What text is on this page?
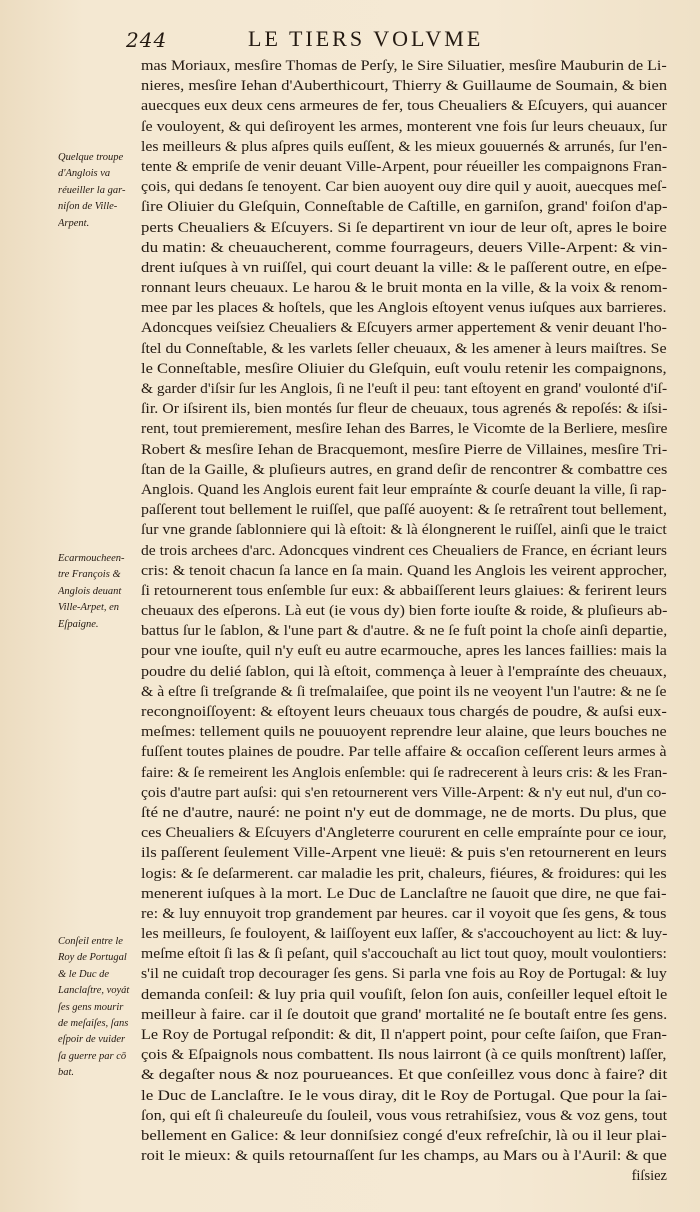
244	LE TIERS VOLVME
mas Moriaux, mesſire Thomas de Perſy, le Sire Siluatier, mesſire Mauburin de Li-
nieres, mesſire Iehan d'Auberthicourt, Thierry & Guillaume de Soumain, & bien
auecques eux deux cens armeures de fer, tous Cheualiers & Eſcuyers, qui auancer
ſe vouloyent, & qui deſiroyent les armes, monterent vne fois ſur leurs cheuaux, ſur
les meilleurs & plus aſpres quils euſſent, & les mieux gouuernés & arrunés, ſur l'en-
tente & empriſe de venir deuant Ville-Arpent, pour réueiller les compaignons Fran-
çois, qui dedans ſe tenoyent. Car bien auoyent ouy dire quil y auoit, auecques meſ-
ſire Oliuier du Gleſquin, Conneſtable de Caſtille, en garniſon, grand' foiſon d'ap-
perts Cheualiers & Eſcuyers. Si ſe departirent vn iour de leur oſt, apres le boire
du matin: & cheuaucherent, comme fourrageurs, deuers Ville-Arpent: & vin-
drent iuſques à vn ruiſſel, qui court deuant la ville: & le paſſerent outre, en eſpe-
ronnant leurs cheuaux. Le harou & le bruit monta en la ville, & la voix & renom-
mee par les places & hoſtels, que les Anglois eſtoyent venus iuſques aux barrieres.
Adoncques veiſsiez Cheualiers & Eſcuyers armer appertement & venir deuant l'ho-
ſtel du Conneſtable, & les varlets ſeller cheuaux, & les amener à leurs maiſtres. Se
le Conneſtable, mesſire Oliuier du Gleſquin, euſt voulu retenir les compaignons,
& garder d'iſsir ſur les Anglois, ſi ne l'euſt il peu: tant eſtoyent en grand' voulonté d'iſ-
ſir. Or iſsirent ils, bien montés ſur fleur de cheuaux, tous agrenés & repoſés: & iſsi-
rent, tout premierement, mesſire Iehan des Barres, le Vicomte de la Berliere, mesſire
Robert & mesſire Iehan de Bracquemont, mesſire Pierre de Villaines, mesſire Tri-
ſtan de la Gaille, & pluſieurs autres, en grand deſir de rencontrer & combattre ces
Anglois. Quand les Anglois eurent fait leur empraínte & courſe deuant la ville, ſi rap-
paſſerent tout bellement le ruiſſel, que paſſé auoyent: & ſe retraîrent tout bellement,
ſur vne grande ſablonniere qui là eſtoit: & là élongnerent le ruiſſel, ainſi que le traict
de trois archees d'arc. Adoncques vindrent ces Cheualiers de France, en écriant leurs
cris: & tenoit chacun ſa lance en ſa main. Quand les Anglois les veirent approcher,
ſi retournerent tous enſemble ſur eux: & abbaiſſerent leurs glaiues: & ferirent leurs
cheuaux des eſperons. Là eut (ie vous dy) bien forte iouſte & roide, & pluſieurs ab-
battus ſur le ſablon, & l'une part & d'autre. & ne ſe fuſt point la choſe ainſi departie,
pour vne iouſte, quil n'y euſt eu autre ecarmouche, apres les lances faillies: mais la
poudre du delié ſablon, qui là eſtoit, commença à leuer à l'empraínte des cheuaux,
& à eſtre ſi treſgrande & ſi treſmalaiſee, que point ils ne veoyent l'un l'autre: & ne ſe
recongnoiſſoyent: & eſtoyent leurs cheuaux tous chargés de poudre, & auſsi eux-
meſmes: tellement quils ne pouuoyent reprendre leur alaine, que leurs bouches ne
fuſſent toutes plaines de poudre. Par telle affaire & occaſion ceſſerent leurs armes à
faire: & ſe remeirent les Anglois enſemble: qui ſe radrecerent à leurs cris: & les Fran-
çois d'autre part auſsi: qui s'en retournerent vers Ville-Arpent: & n'y eut nul, d'un co-
ſté ne d'autre, nauré: ne point n'y eut de dommage, ne de morts. Du plus, que
ces Cheualiers & Eſcuyers d'Angleterre coururent en celle empraínte pour ce iour,
ils paſſerent ſeulement Ville-Arpent vne lieuë: & puis s'en retournerent en leurs
logis: & ſe deſarmerent. car maladie les prit, chaleurs, fiéures, & froidures: qui les
menerent iuſques à la mort. Le Duc de Lanclaſtre ne ſauoit que dire, ne que fai-
re: & luy ennuyoit trop grandement par heures. car il voyoit que ſes gens, & tous
les meilleurs, ſe fouloyent, & laiſſoyent eux laſſer, & s'accouchoyent au lict: & luy-
meſme eſtoit ſi las & ſi peſant, quil s'accouchaſt au lict tout quoy, moult voulontiers:
s'il ne cuidaſt trop decourager ſes gens. Si parla vne fois au Roy de Portugal: & luy
demanda conſeil: & luy pria quil vouſiſt, ſelon ſon auis, conſeiller lequel eſtoit le
meilleur à faire. car il ſe doutoit que grand' mortalité ne ſe boutaſt entre ſes gens.
Le Roy de Portugal reſpondit: & dit, Il n'appert point, pour ceſte ſaiſon, que Fran-
çois & Eſpaignols nous combattent. Ils nous lairront (à ce quils monſtrent) laſſer,
& degaſter nous & noz pourueances. Et que conſeillez vous donc à faire? dit
le Duc de Lanclaſtre. Ie le vous diray, dit le Roy de Portugal. Que pour la ſai-
ſon, qui eſt ſi chaleureuſe du ſouleil, vous vous retrahiſsiez, vous & voz gens, tout
bellement en Galice: & leur donniſsiez congé d'eux refreſchir, là ou il leur plai-
roit le mieux: & quils retournaſſent ſur les champs, au Mars ou à l'Auril: & que
fiſsiez
Quelque troupe
d'Anglois va
réueiller la gar-
niſon de Ville-
Arpent.
Ecarmoucheen-
tre François &
Anglois deuant
Ville-Arpet, en
Eſpaigne.
Conſeil entre le
Roy de Portugal
& le Duc de
Lanclaſtre, voyát
ſes gens mourir
de meſaiſes, ſans
eſpoir de vuider
ſa guerre par cō
bat.
